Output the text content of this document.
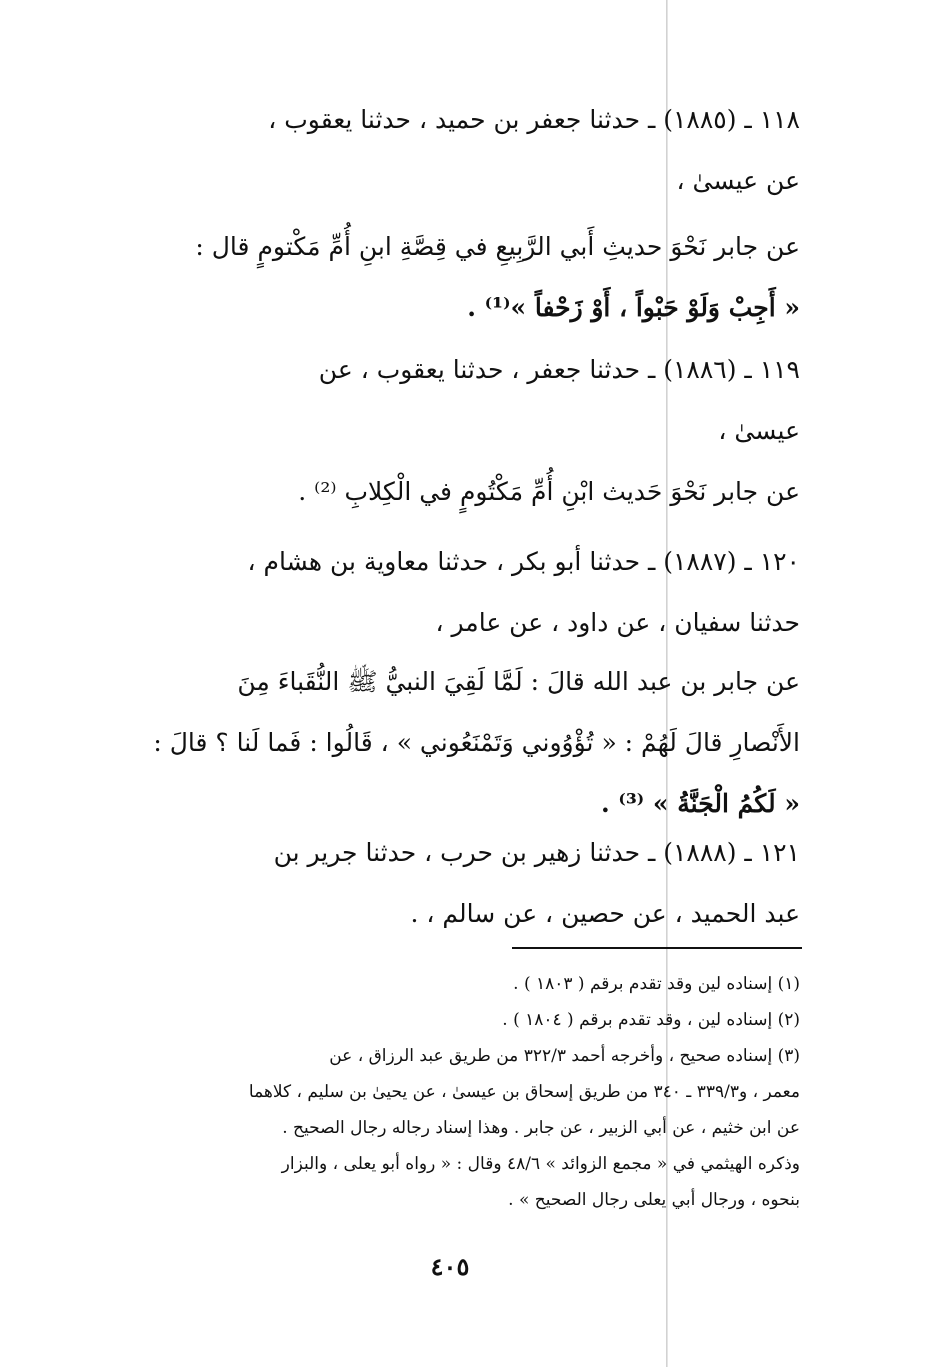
١١٨ ـ (١٨٨٥) ـ حدثنا جعفر بن حميد ، حدثنا يعقوب ،
عن عيسىٰ ،
عن جابر نَحْوَ حديثِ أَبي الرَّبِيعِ في قِصَّةِ ابنِ أُمِّ مَكْتومٍ قال :
« أَجِبْ وَلَوْ حَبْواً ، أَوْ زَحْفاً »⁽¹⁾ .
١١٩ ـ (١٨٨٦) ـ حدثنا جعفر ، حدثنا يعقوب ، عن
عيسىٰ ،
عن جابر نَحْوَ حَديث ابْنِ أُمِّ مَكْتُومٍ في الْكِلابِ ⁽²⁾ .
١٢٠ ـ (١٨٨٧) ـ حدثنا أبو بكر ، حدثنا معاوية بن هشام ،
حدثنا سفيان ، عن داود ، عن عامر ،
عن جابر بن عبد الله قالَ : لَمَّا لَقِيَ النبيُّ ﷺ النُّقَباءَ مِنَ
الأَنْصارِ قالَ لَهُمْ : « تُؤْوُوني وَتَمْنَعُوني » ، قَالُوا : فَما لَنا ؟ قالَ :
« لَكُمُ الْجَنَّةُ » ⁽³⁾ .
١٢١ ـ (١٨٨٨) ـ حدثنا زهير بن حرب ، حدثنا جرير بن
عبد الحميد ، عن حصين ، عن سالم ، .
(١) إسناده لين وقد تقدم برقم ( ١٨٠٣ ) .
(٢) إسناده لين ، وقد تقدم برقم ( ١٨٠٤ ) .
(٣) إسناده صحيح ، وأخرجه أحمد ٣٢٢/٣ من طريق عبد الرزاق ، عن
معمر ، و٣٣٩/٣ ـ ٣٤٠ من طريق إسحاق بن عيسىٰ ، عن يحيىٰ بن سليم ، كلاهما
عن ابن خثيم ، عن أبي الزبير ، عن جابر . وهذا إسناد رجاله رجال الصحيح .
وذكره الهيثمي في « مجمع الزوائد » ٤٨/٦ وقال : « رواه أبو يعلى ، والبزار
بنحوه ، ورجال أبي يعلى رجال الصحيح » .
٤٠٥
